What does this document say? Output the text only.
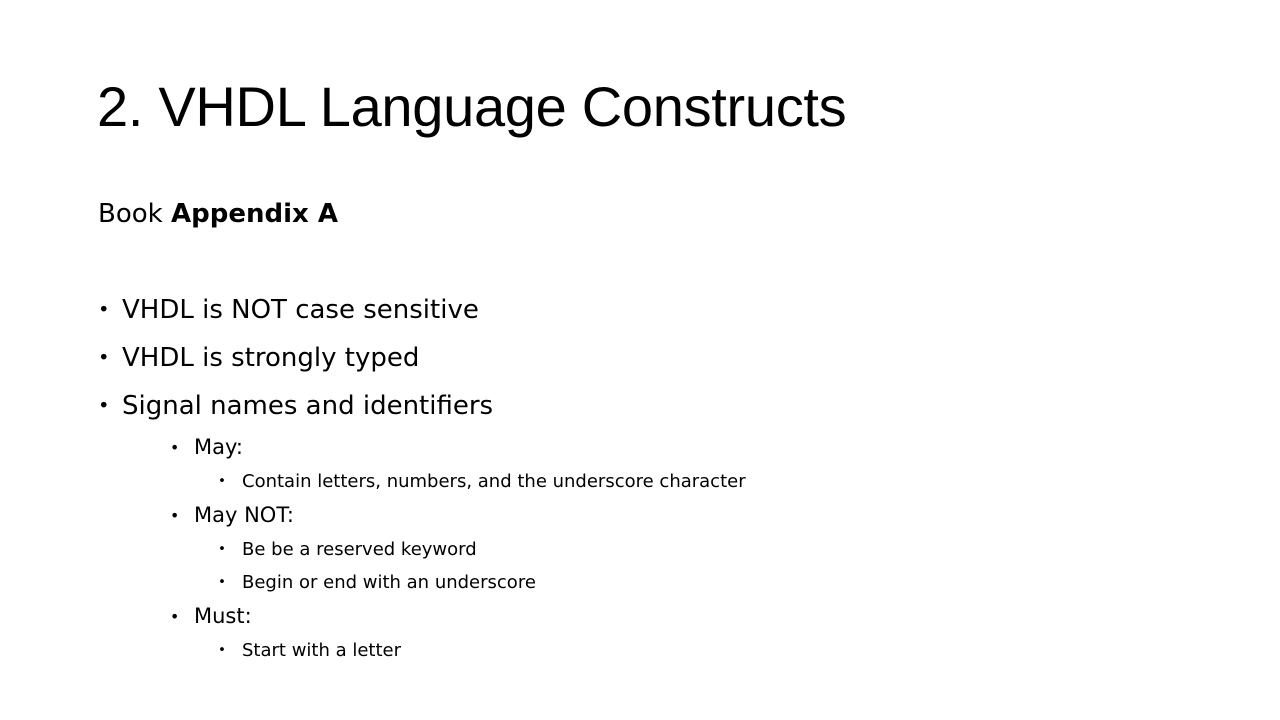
2. VHDL Language Constructs
Book Appendix A
• VHDL is NOT case sensitive
• VHDL is strongly typed
• Signal names and identifiers
• May:
• Contain letters, numbers, and the underscore character
• May NOT:
• Be be a reserved keyword
• Begin or end with an underscore
• Must:
• Start with a letter
